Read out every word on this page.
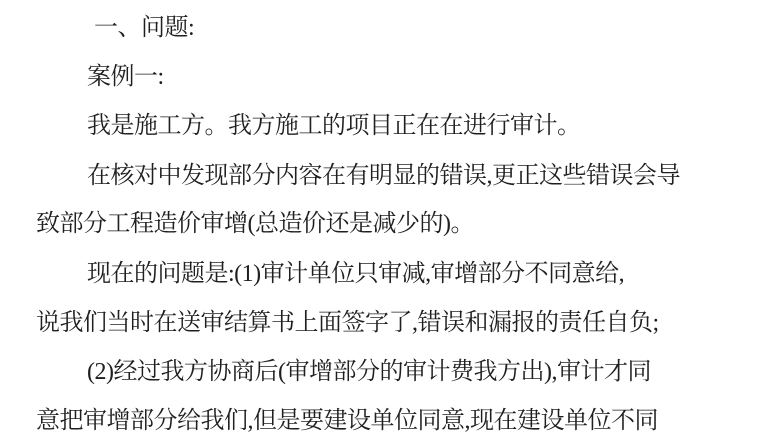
一、问题:
案例一:
我是施工方。我方施工的项目正在在进行审计。
在核对中发现部分内容在有明显的错误,更正这些错误会导
致部分工程造价审增(总造价还是减少的)。
现在的问题是:(1)审计单位只审减,审增部分不同意给,
说我们当时在送审结算书上面签字了,错误和漏报的责任自负;
(2)经过我方协商后(审增部分的审计费我方出),审计才同
意把审增部分给我们,但是要建设单位同意,现在建设单位不同
